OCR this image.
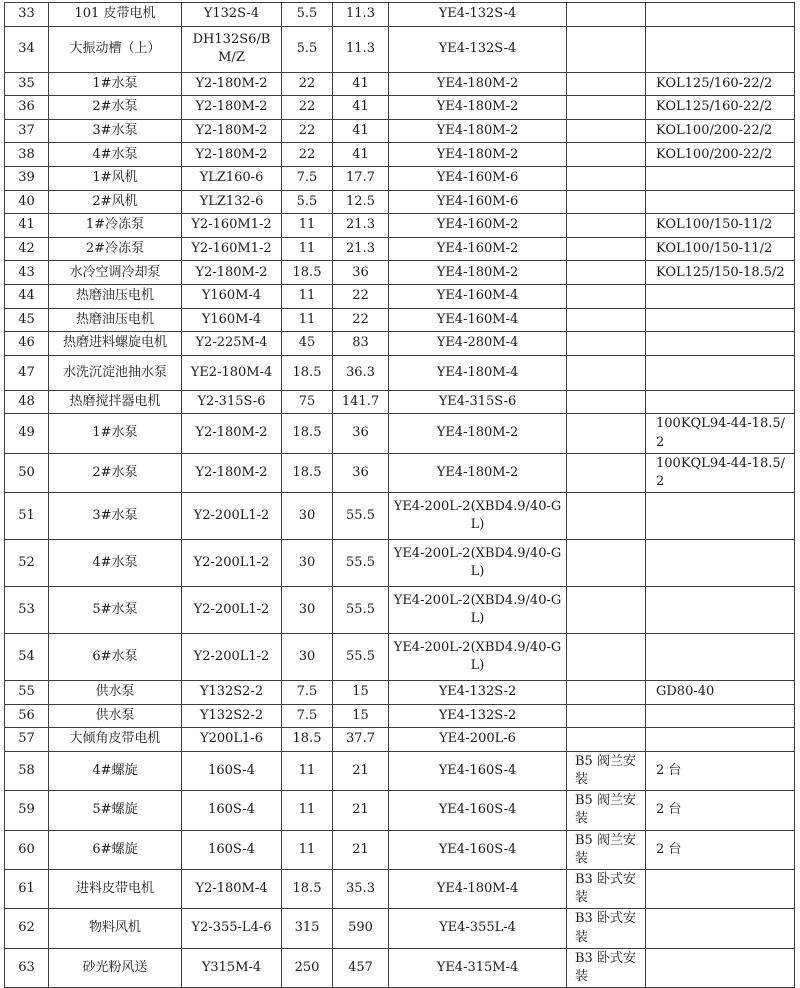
33	101 皮带电机	Y132S-4	5.5	11.3	YE4-132S-4		
34	大振动槽（上）	DH132S6/BM/Z	5.5	11.3	YE4-132S-4		
35	1#水泵	Y2-180M-2	22	41	YE4-180M-2		KOL125/160-22/2
36	2#水泵	Y2-180M-2	22	41	YE4-180M-2		KOL125/160-22/2
37	3#水泵	Y2-180M-2	22	41	YE4-180M-2		KOL100/200-22/2
38	4#水泵	Y2-180M-2	22	41	YE4-180M-2		KOL100/200-22/2
39	1#风机	YLZ160-6	7.5	17.7	YE4-160M-6		
40	2#风机	YLZ132-6	5.5	12.5	YE4-160M-6		
41	1#冷冻泵	Y2-160M1-2	11	21.3	YE4-160M-2		KOL100/150-11/2
42	2#冷冻泵	Y2-160M1-2	11	21.3	YE4-160M-2		KOL100/150-11/2
43	水冷空调冷却泵	Y2-180M-2	18.5	36	YE4-180M-2		KOL125/150-18.5/2
44	热磨油压电机	Y160M-4	11	22	YE4-160M-4		
45	热磨油压电机	Y160M-4	11	22	YE4-160M-4		
46	热磨进料螺旋电机	Y2-225M-4	45	83	YE4-280M-4		
47	水洗沉淀池抽水泵	YE2-180M-4	18.5	36.3	YE4-180M-4		
48	热磨搅拌器电机	Y2-315S-6	75	141.7	YE4-315S-6		
49	1#水泵	Y2-180M-2	18.5	36	YE4-180M-2		100KQL94-44-18.5/2
50	2#水泵	Y2-180M-2	18.5	36	YE4-180M-2		100KQL94-44-18.5/2
51	3#水泵	Y2-200L1-2	30	55.5	YE4-200L-2(XBD4.9/40-GL)		
52	4#水泵	Y2-200L1-2	30	55.5	YE4-200L-2(XBD4.9/40-GL)		
53	5#水泵	Y2-200L1-2	30	55.5	YE4-200L-2(XBD4.9/40-GL)		
54	6#水泵	Y2-200L1-2	30	55.5	YE4-200L-2(XBD4.9/40-GL)		
55	供水泵	Y132S2-2	7.5	15	YE4-132S-2		GD80-40
56	供水泵	Y132S2-2	7.5	15	YE4-132S-2		
57	大倾角皮带电机	Y200L1-6	18.5	37.7	YE4-200L-6		
58	4#螺旋	160S-4	11	21	YE4-160S-4	B5 阀兰安装	2 台
59	5#螺旋	160S-4	11	21	YE4-160S-4	B5 阀兰安装	2 台
60	6#螺旋	160S-4	11	21	YE4-160S-4	B5 阀兰安装	2 台
61	进料皮带电机	Y2-180M-4	18.5	35.3	YE4-180M-4	B3 卧式安装	
62	物料风机	Y2-355-L4-6	315	590	YE4-355L-4	B3 卧式安装	
63	砂光粉风送	Y315M-4	250	457	YE4-315M-4	B3 卧式安装	
